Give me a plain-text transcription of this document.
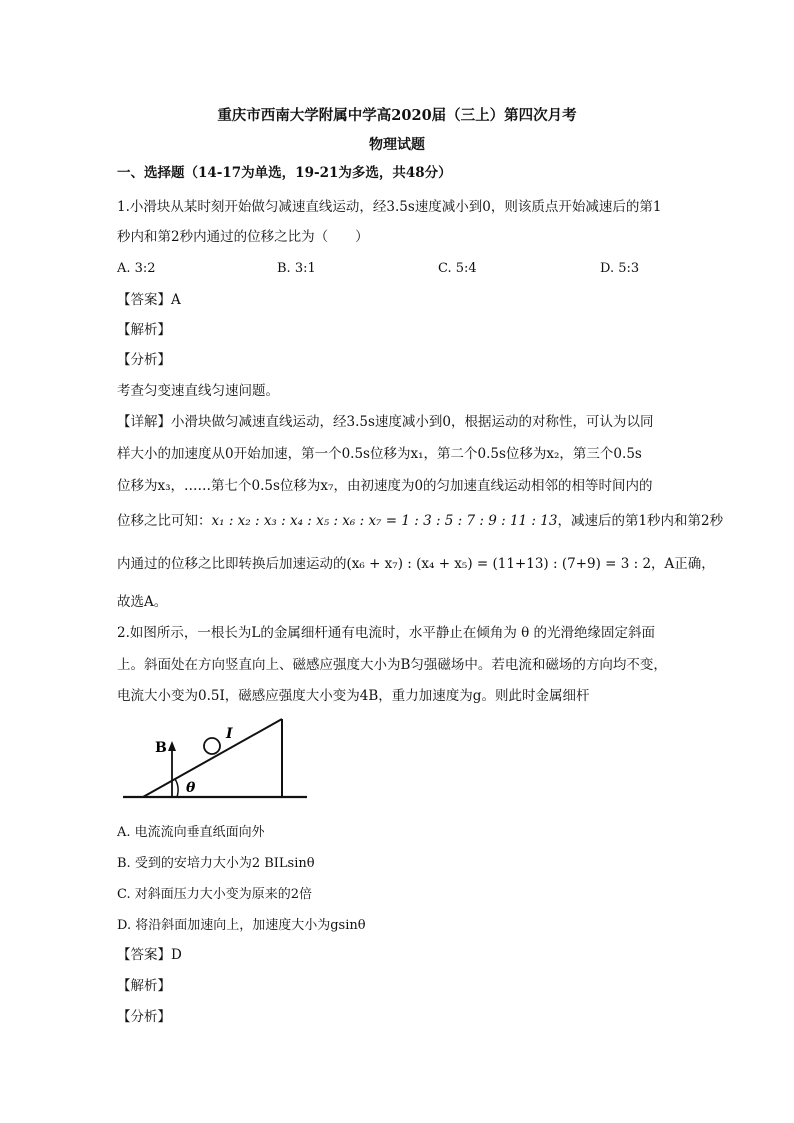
重庆市西南大学附属中学高2020届（三上）第四次月考
物理试题
一、选择题（14-17为单选，19-21为多选，共48分）
1.小滑块从某时刻开始做匀减速直线运动，经3.5s速度减小到0，则该质点开始减速后的第1
秒内和第2秒内通过的位移之比为（　　）
A. 3:2	B. 3:1	C. 5:4	D. 5:3
【答案】A
【解析】
【分析】
考查匀变速直线匀速问题。
【详解】小滑块做匀减速直线运动，经3.5s速度减小到0，根据运动的对称性，可认为以同
样大小的加速度从0开始加速，第一个0.5s位移为x₁，第二个0.5s位移为x₂，第三个0.5s
位移为x₃，……第七个0.5s位移为x₇，由初速度为0的匀加速直线运动相邻的相等时间内的
位移之比可知：x₁ : x₂ : x₃ : x₄ : x₅ : x₆ : x₇ = 1 : 3 : 5 : 7 : 9 : 11 : 13，减速后的第1秒内和第2秒
内通过的位移之比即转换后加速运动的(x₆ + x₇) : (x₄ + x₅) = (11+13) : (7+9) = 3 : 2，A正确，
故选A。
2.如图所示，一根长为L的金属细杆通有电流时，水平静止在倾角为 θ 的光滑绝缘固定斜面
上。斜面处在方向竖直向上、磁感应强度大小为B匀强磁场中。若电流和磁场的方向均不变，
电流大小变为0.5I，磁感应强度大小变为4B，重力加速度为g。则此时金属细杆
B
I
θ
A. 电流流向垂直纸面向外
B. 受到的安培力大小为2 BILsinθ
C. 对斜面压力大小变为原来的2倍
D. 将沿斜面加速向上，加速度大小为gsinθ
【答案】D
【解析】
【分析】
